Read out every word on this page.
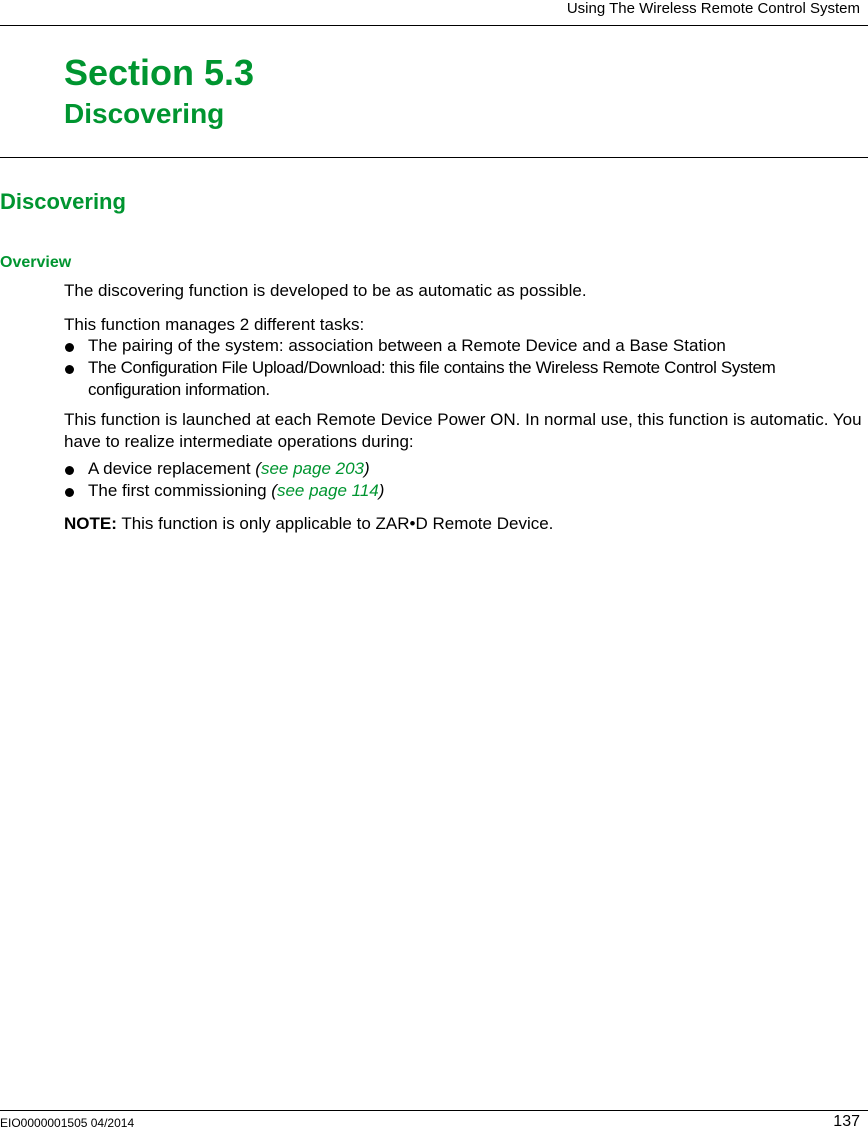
Using The Wireless Remote Control System
Section 5.3
Discovering
Discovering
Overview

The discovering function is developed to be as automatic as possible.

This function manages 2 different tasks:

The pairing of the system: association between a Remote Device and a Base Station
The Configuration File Upload/Download: this file contains the Wireless Remote Control System configuration information.

This function is launched at each Remote Device Power ON. In normal use, this function is automatic. You have to realize intermediate operations during:

A device replacement (see page 203)
The first commissioning (see page 114)

NOTE: This function is only applicable to ZAR•D Remote Device.

EIO0000001505 04/2014	137
